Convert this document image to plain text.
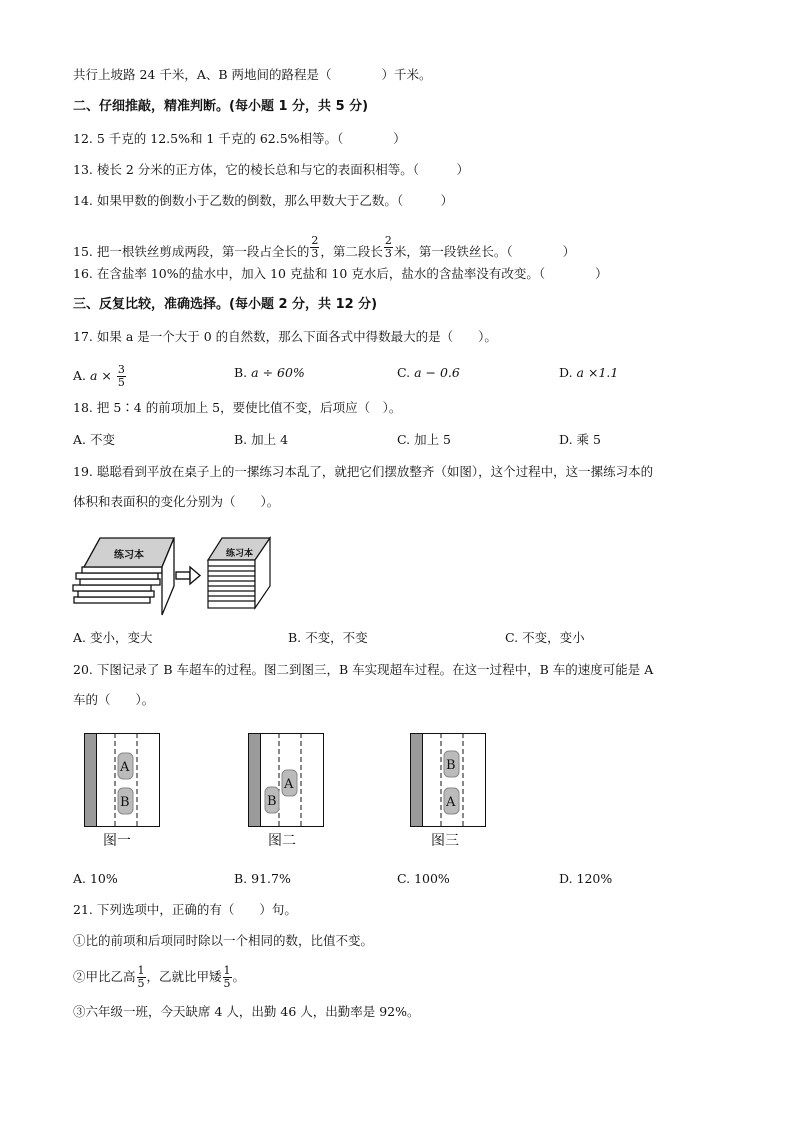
共行上坡路 24 千米，A、B 两地间的路程是（　　　　）千米。
二、仔细推敲，精准判断。(每小题 1 分，共 5 分)
12. 5 千克的 12.5%和 1 千克的 62.5%相等。（　　　　）
13. 棱长 2 分米的正方体，它的棱长总和与它的表面积相等。（　　　）
14. 如果甲数的倒数小于乙数的倒数，那么甲数大于乙数。（　　　）
15. 把一根铁丝剪成两段，第一段占全长的 $\frac{2}{3}$ ，第二段长 $\frac{2}{3}$ 米，第一段铁丝长。（　　　　）
16. 在含盐率 10%的盐水中，加入 10 克盐和 10 克水后，盐水的含盐率没有改变。（　　　　）
三、反复比较，准确选择。(每小题 2 分，共 12 分)
17. 如果 a 是一个大于 0 的自然数，那么下面各式中得数最大的是（　　）。
A. $a \times \frac{3}{5}$	B. a ÷ 60%	C. a − 0.6	D. a ×1.1
18. 把 5∶4 的前项加上 5，要使比值不变，后项应（　）。
A. 不变	B. 加上 4	C. 加上 5	D. 乘 5
19. 聪聪看到平放在桌子上的一摞练习本乱了，就把它们摆放整齐（如图），这个过程中，这一摞练习本的
体积和表面积的变化分别为（　　）。
练习本	练习本
A. 变小，变大	B. 不变，不变	C. 不变，变小
20. 下图记录了 B 车超车的过程。图二到图三，B 车实现超车过程。在这一过程中，B 车的速度可能是 A
车的（　　）。
A
B
A
B
B
A
图一	图二	图三
A. 10%	B. 91.7%	C. 100%	D. 120%
21. 下列选项中，正确的有（　　）句。
①比的前项和后项同时除以一个相同的数，比值不变。
②甲比乙高 $\frac{1}{5}$ ，乙就比甲矮 $\frac{1}{5}$ 。
③六年级一班，今天缺席 4 人，出勤 46 人，出勤率是 92%。
